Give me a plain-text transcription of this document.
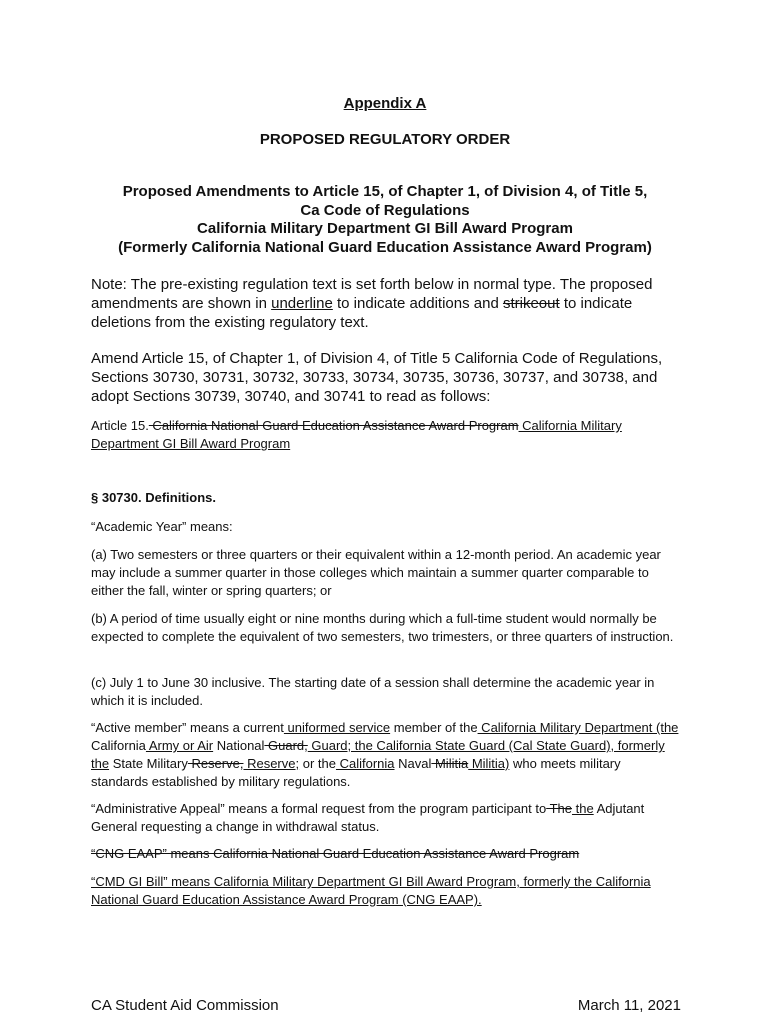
Appendix A
PROPOSED REGULATORY ORDER
Proposed Amendments to Article 15, of Chapter 1, of Division 4, of Title 5,
Ca Code of Regulations
California Military Department GI Bill Award Program
(Formerly California National Guard Education Assistance Award Program)
Note: The pre-existing regulation text is set forth below in normal type. The proposed amendments are shown in underline to indicate additions and strikeout to indicate deletions from the existing regulatory text.
Amend Article 15, of Chapter 1, of Division 4, of Title 5 California Code of Regulations, Sections 30730, 30731, 30732, 30733, 30734, 30735, 30736, 30737, and 30738, and adopt Sections 30739, 30740, and 30741 to read as follows:
Article 15. California National Guard Education Assistance Award Program California Military Department GI Bill Award Program
§ 30730. Definitions.
“Academic Year” means:
(a) Two semesters or three quarters or their equivalent within a 12-month period. An academic year may include a summer quarter in those colleges which maintain a summer quarter comparable to either the fall, winter or spring quarters; or
(b) A period of time usually eight or nine months during which a full-time student would normally be expected to complete the equivalent of two semesters, two trimesters, or three quarters of instruction.
(c) July 1 to June 30 inclusive. The starting date of a session shall determine the academic year in which it is included.
“Active member” means a current uniformed service member of the California Military Department (the California Army or Air National Guard, Guard; the California State Guard (Cal State Guard), formerly the State Military Reserve, Reserve; or the California Naval Militia Militia) who meets military standards established by military regulations.
“Administrative Appeal” means a formal request from the program participant to The the Adjutant General requesting a change in withdrawal status.
“CNG EAAP” means California National Guard Education Assistance Award Program
“CMD GI Bill” means California Military Department GI Bill Award Program, formerly the California National Guard Education Assistance Award Program (CNG EAAP).
CA Student Aid Commission	March 11, 2021
